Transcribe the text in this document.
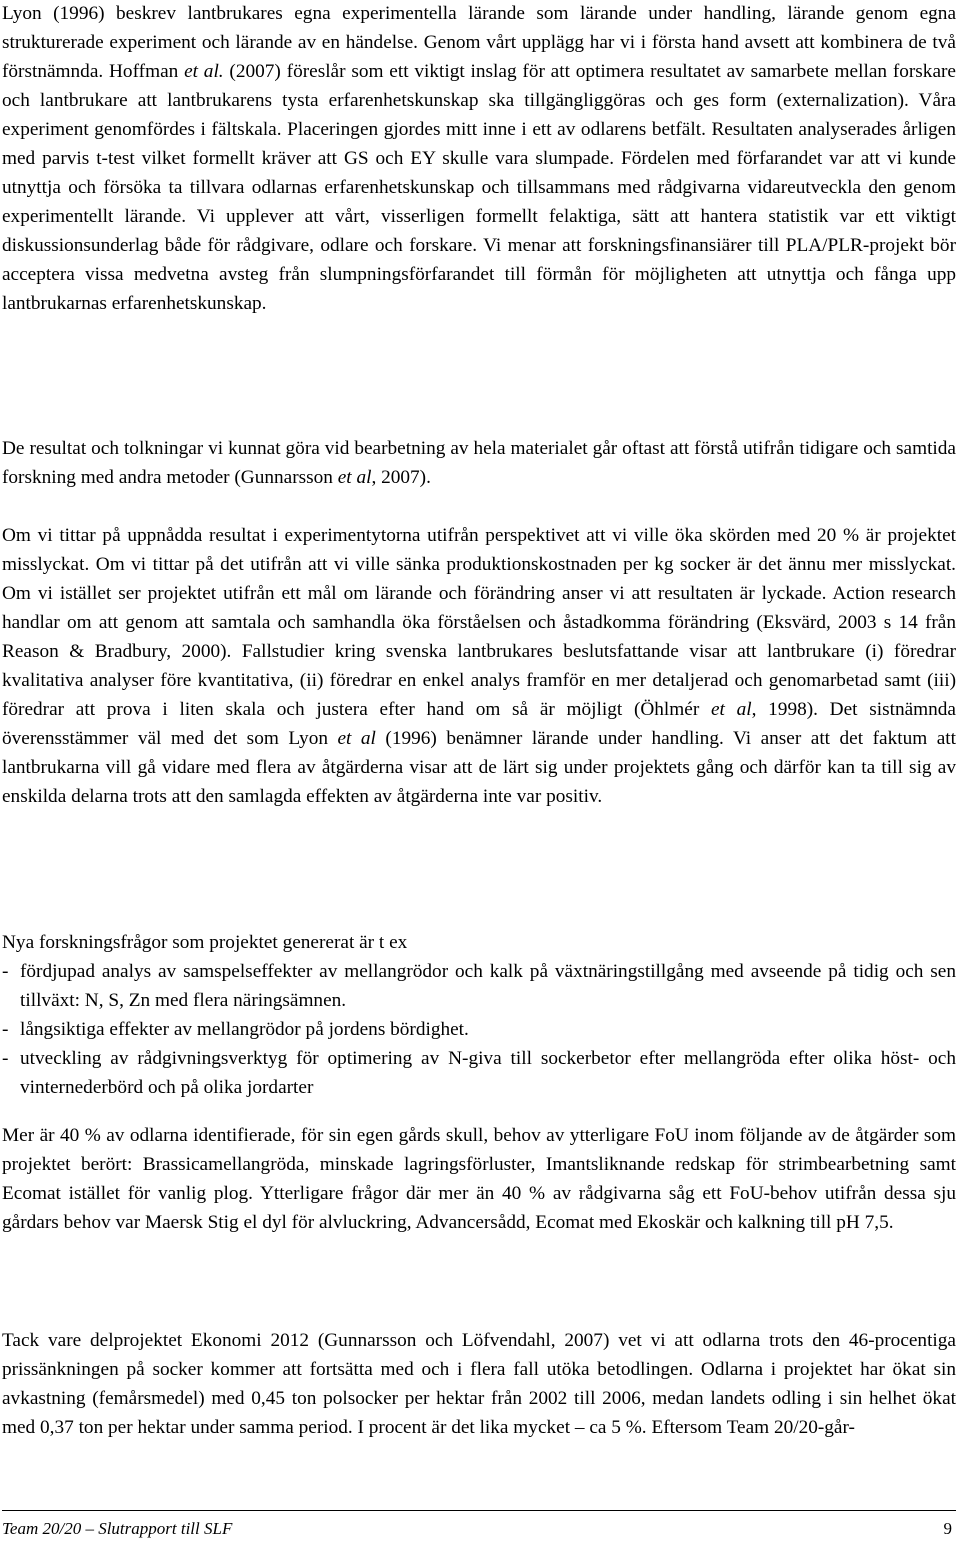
Lyon (1996) beskrev lantbrukares egna experimentella lärande som lärande under handling, lärande genom egna strukturerade experiment och lärande av en händelse. Genom vårt upplägg har vi i första hand avsett att kombinera de två förstnämnda. Hoffman et al. (2007) föreslår som ett viktigt inslag för att optimera resultatet av samarbete mellan forskare och lantbrukare att lantbrukarens tysta erfarenhetskunskap ska tillgängliggöras och ges form (externalization). Våra experiment genomfördes i fältskala. Placeringen gjordes mitt inne i ett av odlarens betfält. Resultaten analyserades årligen med parvis t-test vilket formellt kräver att GS och EY skulle vara slumpade. Fördelen med förfarandet var att vi kunde utnyttja och försöka ta tillvara odlarnas erfarenhetskunskap och tillsammans med rådgivarna vidareutveckla den genom experimentellt lärande. Vi upplever att vårt, visserligen formellt felaktiga, sätt att hantera statistik var ett viktigt diskussionsunderlag både för rådgivare, odlare och forskare. Vi menar att forskningsfinansiärer till PLA/PLR-projekt bör acceptera vissa medvetna avsteg från slumpningsförfarandet till förmån för möjligheten att utnyttja och fånga upp lantbrukarnas erfarenhetskunskap.

De resultat och tolkningar vi kunnat göra vid bearbetning av hela materialet går oftast att förstå utifrån tidigare och samtida forskning med andra metoder (Gunnarsson et al, 2007).

Om vi tittar på uppnådda resultat i experimentytorna utifrån perspektivet att vi ville öka skörden med 20 % är projektet misslyckat. Om vi tittar på det utifrån att vi ville sänka produktionskostnaden per kg socker är det ännu mer misslyckat. Om vi istället ser projektet utifrån ett mål om lärande och förändring anser vi att resultaten är lyckade. Action research handlar om att genom att samtala och samhandla öka förståelsen och åstadkomma förändring (Eksvärd, 2003 s 14 från Reason & Bradbury, 2000). Fallstudier kring svenska lantbrukares beslutsfattande visar att lantbrukare (i) föredrar kvalitativa analyser före kvantitativa, (ii) föredrar en enkel analys framför en mer detaljerad och genomarbetad samt (iii) föredrar att prova i liten skala och justera efter hand om så är möjligt (Öhlmér et al, 1998). Det sistnämnda överensstämmer väl med det som Lyon et al (1996) benämner lärande under handling. Vi anser att det faktum att lantbrukarna vill gå vidare med flera av åtgärderna visar att de lärt sig under projektets gång och därför kan ta till sig av enskilda delarna trots att den samlagda effekten av åtgärderna inte var positiv.

Nya forskningsfrågor som projektet genererat är t ex

- fördjupad analys av samspelseffekter av mellangrödor och kalk på växtnäringstillgång med avseende på tidig och sen tillväxt: N, S, Zn med flera näringsämnen.
- långsiktiga effekter av mellangrödor på jordens bördighet.
- utveckling av rådgivningsverktyg för optimering av N-giva till sockerbetor efter mellangröda efter olika höst- och vinternederbörd och på olika jordarter

Mer är 40 % av odlarna identifierade, för sin egen gårds skull, behov av ytterligare FoU inom följande av de åtgärder som projektet berört: Brassicamellangröda, minskade lagringsförluster, Imantsliknande redskap för strimbearbetning samt Ecomat istället för vanlig plog. Ytterligare frågor där mer än 40 % av rådgivarna såg ett FoU-behov utifrån dessa sju gårdars behov var Maersk Stig el dyl för alvluckring, Advancersådd, Ecomat med Ekoskär och kalkning till pH 7,5.

Tack vare delprojektet Ekonomi 2012 (Gunnarsson och Löfvendahl, 2007) vet vi att odlarna trots den 46-procentiga prissänkningen på socker kommer att fortsätta med och i flera fall utöka betodlingen. Odlarna i projektet har ökat sin avkastning (femårsmedel) med 0,45 ton polsocker per hektar från 2002 till 2006, medan landets odling i sin helhet ökat med 0,37 ton per hektar under samma period. I procent är det lika mycket – ca 5 %. Eftersom Team 20/20-går-

Team 20/20 – Slutrapport till SLF	9
